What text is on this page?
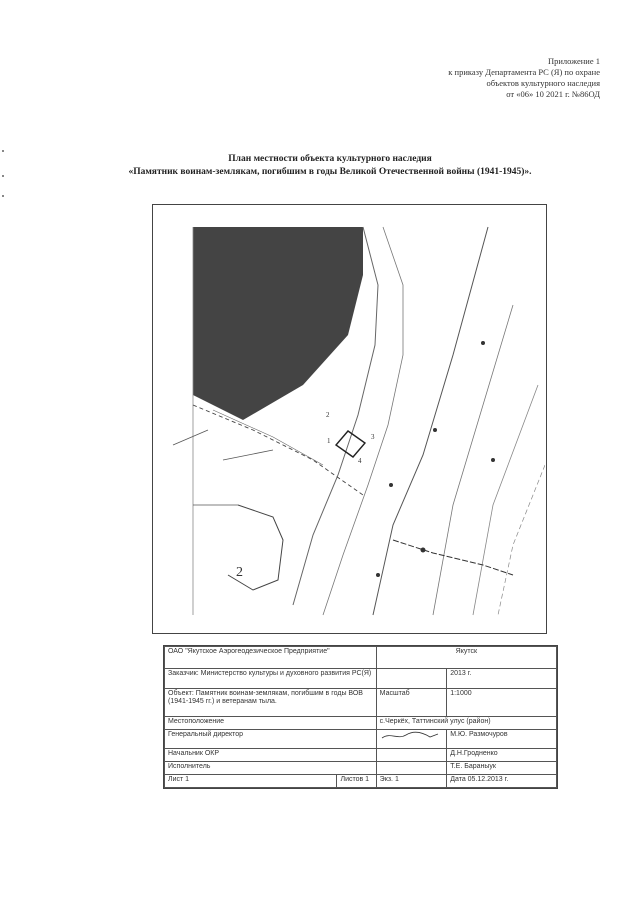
Приложение 1
к приказу Департамента РС (Я) по охране
объектов культурного наследия
от «06» 10 2021 г. №86ОД
План местности объекта культурного наследия
«Памятник воинам-землякам, погибшим в годы Великой Отечественной войны (1941-1945)».
2
1	3
4
2
ОАО "Якутское Аэрогеодезическое Предприятие"		Якутск	
Заказчик: Министерство культуры и духовного развития РС(Я)			2013 г.
Объект: Памятник воинам-землякам, погибшим в годы ВОВ (1941-1945 гг.) и ветеранам тыла.		Масштаб	1:1000
Местоположение		с.Черкёх, Таттинский улус (район)	
Генеральный директор			М.Ю. Размочуров
Начальник ОКР			Д.Н.Гродненко
Исполнитель			Т.Е. Бараныук
Лист 1	Листов 1	Экз. 1	Дата 05.12.2013 г.
